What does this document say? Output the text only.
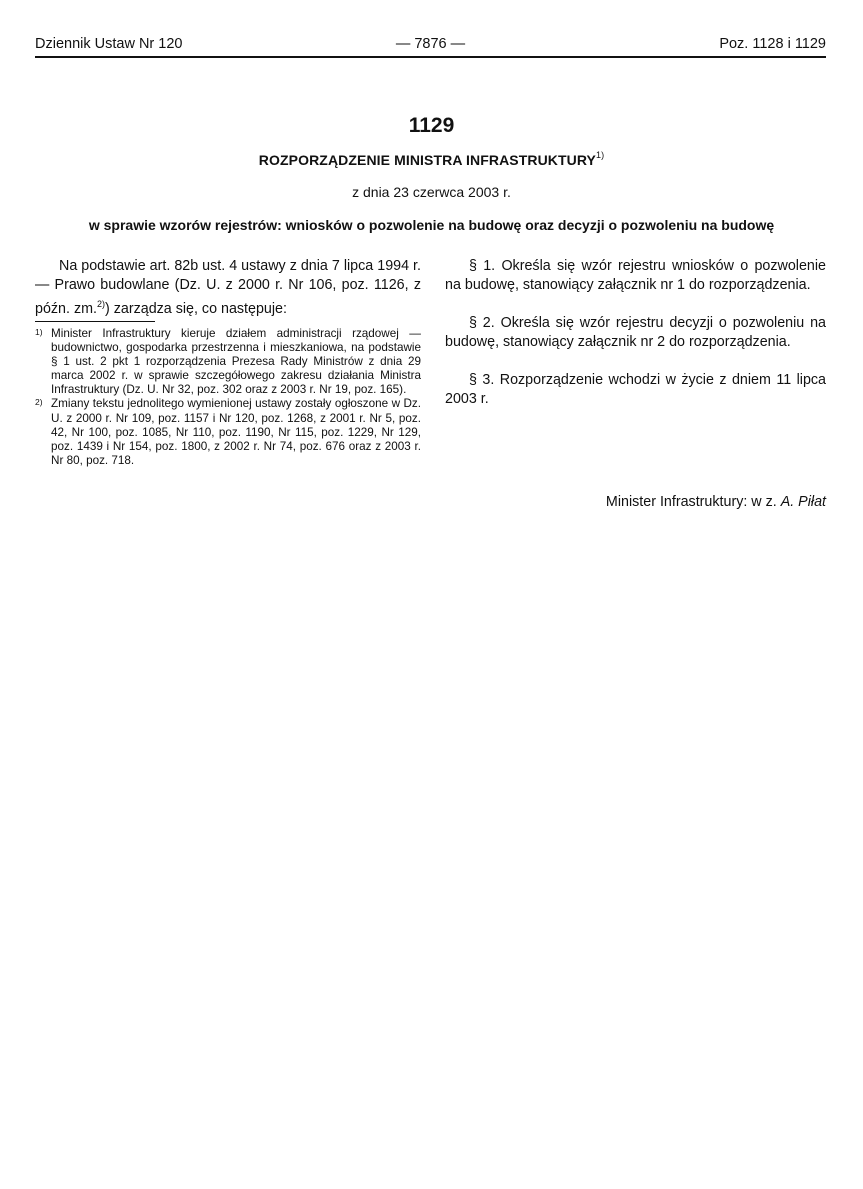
Dziennik Ustaw Nr 120	— 7876 —	Poz. 1128 i 1129
1129
ROZPORZĄDZENIE MINISTRA INFRASTRUKTURY$^{1)}$
z dnia 23 czerwca 2003 r.
w sprawie wzorów rejestrów: wniosków o pozwolenie na budowę oraz decyzji o pozwoleniu na budowę

Na podstawie art. 82b ust. 4 ustawy z dnia 7 lipca 1994 r. — Prawo budowlane (Dz. U. z 2000 r. Nr 106, poz. 1126, z późn. zm.$^{2)}$) zarządza się, co następuje:

1) Minister Infrastruktury kieruje działem administracji rządowej — budownictwo, gospodarka przestrzenna i mieszkaniowa, na podstawie § 1 ust. 2 pkt 1 rozporządzenia Prezesa Rady Ministrów z dnia 29 marca 2002 r. w sprawie szczegółowego zakresu działania Ministra Infrastruktury (Dz. U. Nr 32, poz. 302 oraz z 2003 r. Nr 19, poz. 165).
2) Zmiany tekstu jednolitego wymienionej ustawy zostały ogłoszone w Dz. U. z 2000 r. Nr 109, poz. 1157 i Nr 120, poz. 1268, z 2001 r. Nr 5, poz. 42, Nr 100, poz. 1085, Nr 110, poz. 1190, Nr 115, poz. 1229, Nr 129, poz. 1439 i Nr 154, poz. 1800, z 2002 r. Nr 74, poz. 676 oraz z 2003 r. Nr 80, poz. 718.

§ 1. Określa się wzór rejestru wniosków o pozwolenie na budowę, stanowiący załącznik nr 1 do rozporządzenia.

§ 2. Określa się wzór rejestru decyzji o pozwoleniu na budowę, stanowiący załącznik nr 2 do rozporządzenia.

§ 3. Rozporządzenie wchodzi w życie z dniem 11 lipca 2003 r.

Minister Infrastruktury: w z. A. Piłat
